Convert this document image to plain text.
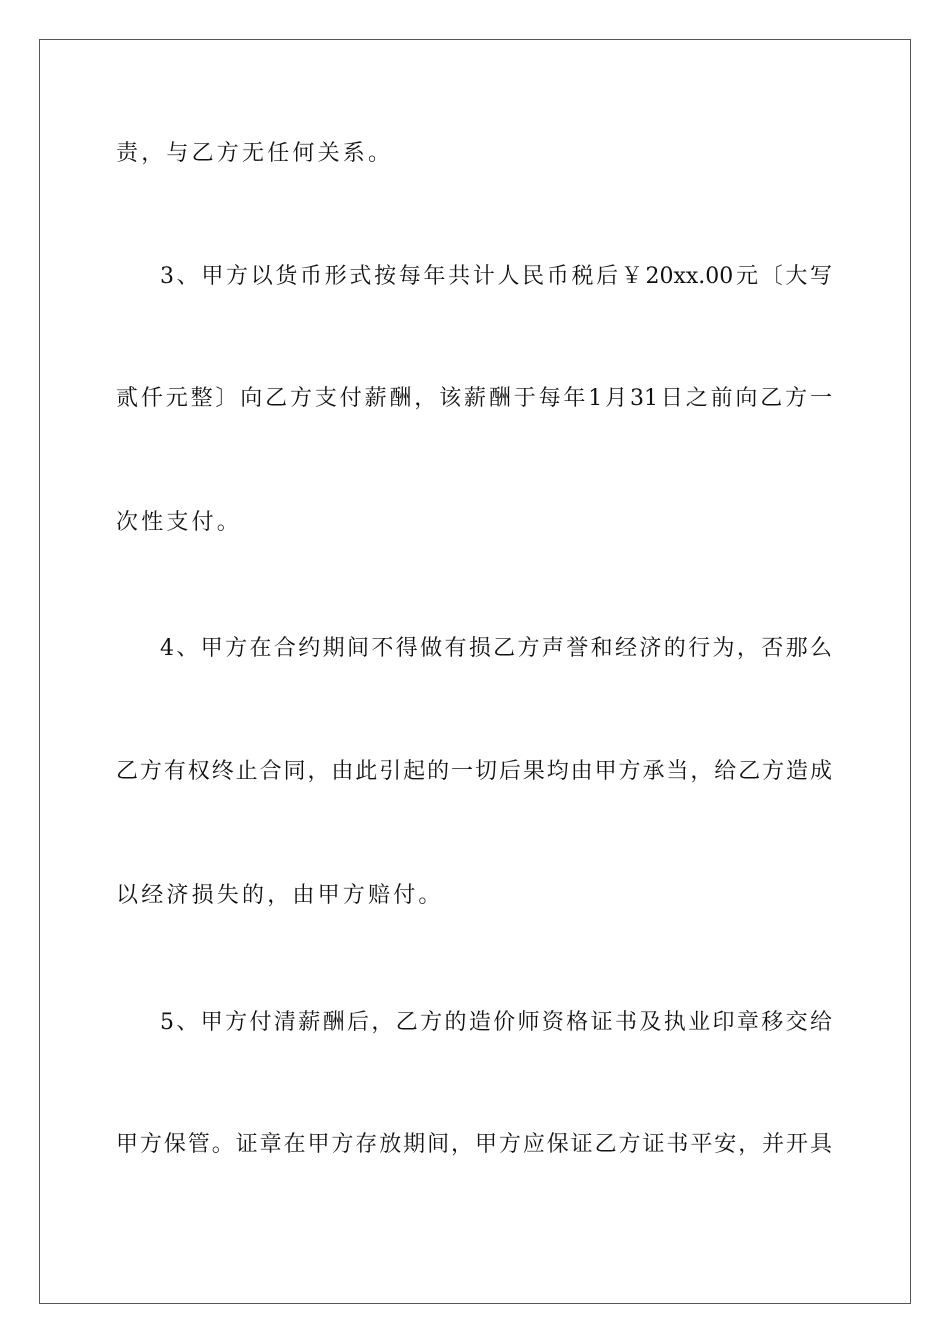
责，与乙方无任何关系。
3、甲方以货币形式按每年共计人民币税后￥20xx.00元〔大写
贰仟元整〕向乙方支付薪酬，该薪酬于每年1月31日之前向乙方一
次性支付。
4、甲方在合约期间不得做有损乙方声誉和经济的行为，否那么
乙方有权终止合同，由此引起的一切后果均由甲方承当，给乙方造成
以经济损失的，由甲方赔付。
5、甲方付清薪酬后，乙方的造价师资格证书及执业印章移交给
甲方保管。证章在甲方存放期间，甲方应保证乙方证书平安，并开具
